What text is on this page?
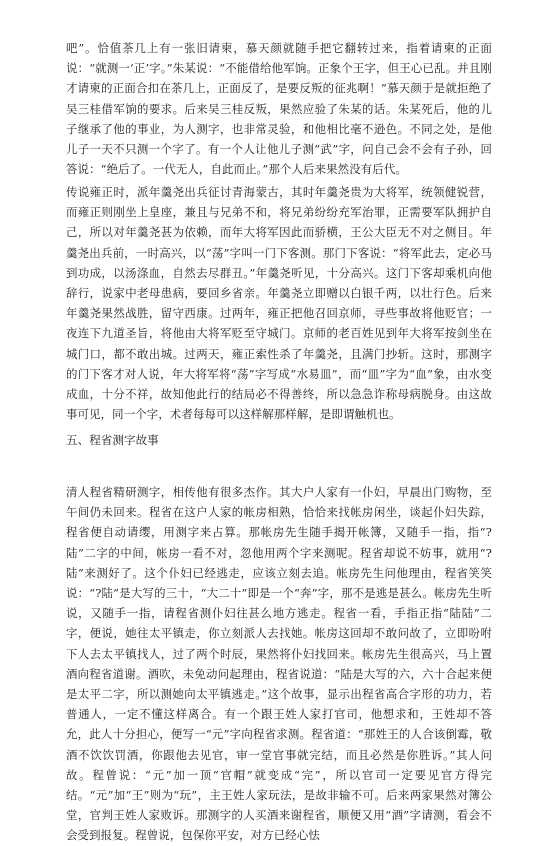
吧”。恰值茶几上有一张旧请柬，慕天颜就随手把它翻转过来，指着请柬的正面说：“就测一‘正’字。”朱某说：“不能借给他军饷。正象个王字，但王心已乱。并且刚才请柬的正面合扣在茶几上，正面反了，是要反叛的征兆啊！”慕天颜于是就拒绝了吴三桂借军饷的要求。后来吴三桂反叛，果然应验了朱某的话。朱某死后，他的儿子继承了他的事业，为人测字，也非常灵验，和他相比毫不逊色。不同之处，是他儿子一天不只测一个字了。有一个人让他儿子测“武”字，问自己会不会有子孙，回答说：“绝后了。一代无人，自此而止。”那个人后来果然没有后代。

传说雍正时，派年羹尧出兵征讨青海蒙古，其时年羹尧贵为大将军，统领健锐营，而雍正则刚坐上皇座，兼且与兄弟不和，将兄弟纷纷充军治罪，正需要军队拥护自己，所以对年羹尧甚为依赖，而年大将军因此而骄横，王公大臣无不对之侧目。年羹尧出兵前，一时高兴，以“荡”字叫一门下客测。那门下客说：“将军此去，定必马到功成，以汤涤血，自然去尽群丑。”年羹尧听见，十分高兴。这门下客却乘机向他辞行，说家中老母患病，要回乡省亲。年羹尧立即赠以白银千两，以壮行色。后来年羹尧果然战胜，留守西康。过两年，雍正把他召回京师，寻些事故将他贬官；一夜连下九道圣旨，将他由大将军贬至守城门。京师的老百姓见到年大将军按剑坐在城门口，都不敢出城。过两天，雍正索性杀了年羹尧，且满门抄斩。这时，那测字的门下客才对人说，年大将军将“荡”字写成“水易皿”，而“皿”字为“血”象，由水变成血，十分不祥，故知他此行的结局必不得善终，所以急急诈称母病脱身。由这故事可见，同一个字，术者每每可以这样解那样解，是即谓触机也。

五、程省测字故事

清人程省精研测字，相传他有很多杰作。其大户人家有一仆妇，早晨出门购物，至午间仍未回来。程省在这户人家的帐房相熟，恰恰来找帐房闲坐，谈起仆妇失踪，程省便自动请缨，用测字来占算。那帐房先生随手揭开帐簿，又随手一指，指“?陆”二字的中间，帐房一看不对，忽他用两个字来测呢。程省却说不妨事，就用“?陆”来测好了。这个仆妇已经逃走，应该立刻去追。帐房先生问他理由，程省笑笑说：“?陆”是大写的三十，“大二十”即是一个“奔”字，那不是逃是甚么。帐房先生听说，又随手一指，请程省测仆妇往甚么地方逃走。程省一看，手指正指“陆陆”二字，便说，她往太平镇走，你立刻派人去找她。帐房这回却不敢问故了，立即吩咐下人去太平镇找人，过了两个时辰，果然将仆妇找回来。帐房先生很高兴，马上置酒向程省道谢。酒吹，未免动问起理由，程省说道：“陆是大写的六，六十合起来便是太平二字，所以测她向太平镇逃走。”这个故事，显示出程省高合字形的功力，若普通人，一定不懂这样离合。有一个跟王姓人家打官司，他想求和，王姓却不答允，此人十分担心，便写一“元”字向程省求测。程省道：“那姓王的人合该倒霉，敬酒不饮饮罚酒，你跟他去见官，审一堂官事就完结，而且必然是你胜诉。”其人问故。程曾说：“元”加一顶“官帽”就变成“完”，所以官司一定要见官方得完结。“元”加“王”则为“玩”，主王姓人家玩法，是故非输不可。后来两家果然对簿公堂，官判王姓人家败诉。那测字的人买酒来谢程省，顺便又用“酒”字请测，看会不会受到报复。程曾说，包保你平安，对方已经心怯
